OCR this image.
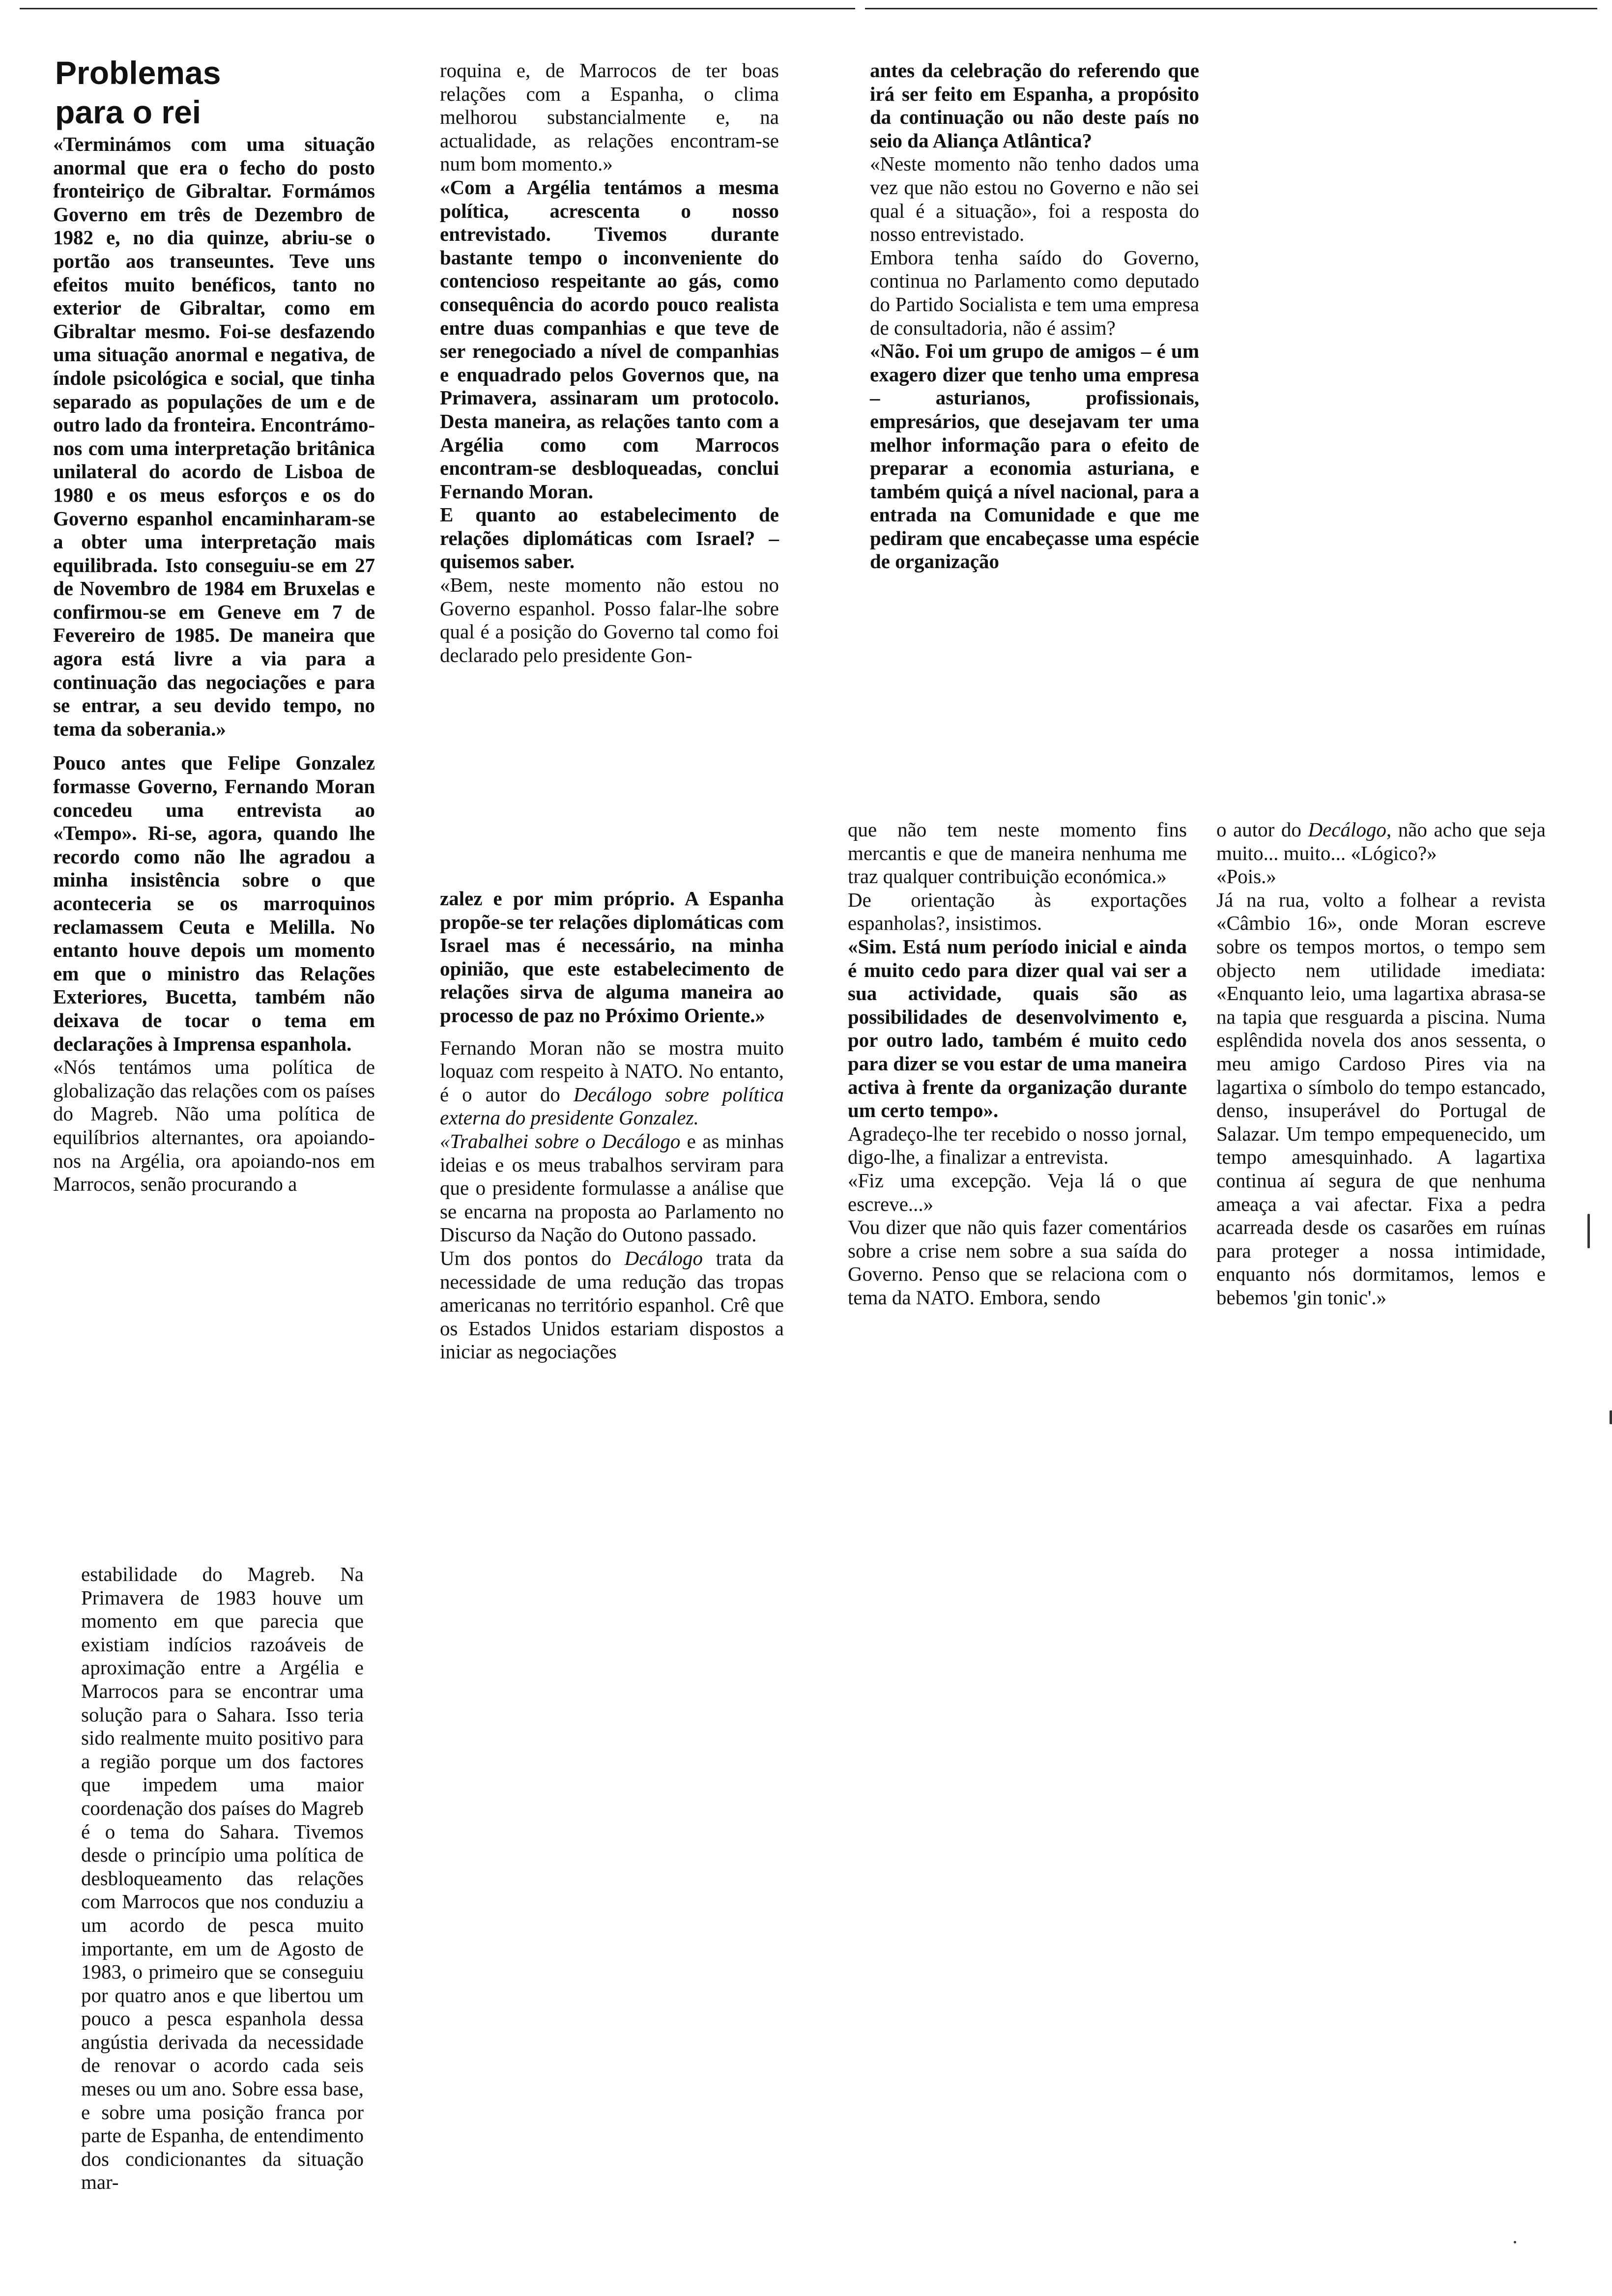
Problemas
para o rei

«Terminámos com uma situação anormal que era o fecho do posto fronteiriço de Gibraltar. Formámos Governo em três de Dezembro de 1982 e, no dia quinze, abriu-se o portão aos transeuntes. Teve uns efeitos muito benéficos, tanto no exterior de Gibraltar, como em Gibraltar mesmo. Foi-se desfazendo uma situação anormal e negativa, de índole psicológica e social, que tinha separado as populações de um e de outro lado da fronteira. Encontrámo-nos com uma interpretação britânica unilateral do acordo de Lisboa de 1980 e os meus esforços e os do Governo espanhol encaminharam-se a obter uma interpretação mais equilibrada. Isto conseguiu-se em 27 de Novembro de 1984 em Bruxelas e confirmou-se em Geneve em 7 de Fevereiro de 1985. De maneira que agora está livre a via para a continuação das negociações e para se entrar, a seu devido tempo, no tema da soberania.»

Pouco antes que Felipe Gonzalez formasse Governo, Fernando Moran concedeu uma entrevista ao «Tempo». Ri-se, agora, quando lhe recordo como não lhe agradou a minha insistência sobre o que aconteceria se os marroquinos reclamassem Ceuta e Melilla. No entanto houve depois um momento em que o ministro das Relações Exteriores, Bucetta, também não deixava de tocar o tema em declarações à Imprensa espanhola.

«Nós tentámos uma política de globalização das relações com os países do Magreb. Não uma política de equilíbrios alternantes, ora apoiando-nos na Argélia, ora apoiando-nos em Marrocos, senão procurando a

estabilidade do Magreb. Na Primavera de 1983 houve um momento em que parecia que existiam indícios razoáveis de aproximação entre a Argélia e Marrocos para se encontrar uma solução para o Sahara. Isso teria sido realmente muito positivo para a região porque um dos factores que impedem uma maior coordenação dos países do Magreb é o tema do Sahara. Tivemos desde o princípio uma política de desbloqueamento das relações com Marrocos que nos conduziu a um acordo de pesca muito importante, em um de Agosto de 1983, o primeiro que se conseguiu por quatro anos e que libertou um pouco a pesca espanhola dessa angústia derivada da necessidade de renovar o acordo cada seis meses ou um ano. Sobre essa base, e sobre uma posição franca por parte de Espanha, de entendimento dos condicionantes da situação mar-

roquina e, de Marrocos de ter boas relações com a Espanha, o clima melhorou substancialmente e, na actualidade, as relações encontram-se num bom momento.»

«Com a Argélia tentámos a mesma política, acrescenta o nosso entrevistado. Tivemos durante bastante tempo o inconveniente do contencioso respeitante ao gás, como consequência do acordo pouco realista entre duas companhias e que teve de ser renegociado a nível de companhias e enquadrado pelos Governos que, na Primavera, assinaram um protocolo. Desta maneira, as relações tanto com a Argélia como com Marrocos encontram-se desbloqueadas, conclui Fernando Moran.

E quanto ao estabelecimento de relações diplomáticas com Israel? – quisemos saber.

«Bem, neste momento não estou no Governo espanhol. Posso falar-lhe sobre qual é a posição do Governo tal como foi declarado pelo presidente Gon-

zalez e por mim próprio. A Espanha propõe-se ter relações diplomáticas com Israel mas é necessário, na minha opinião, que este estabelecimento de relações sirva de alguma maneira ao processo de paz no Próximo Oriente.»

Fernando Moran não se mostra muito loquaz com respeito à NATO. No entanto, é o autor do Decálogo sobre política externa do presidente Gonzalez.

«Trabalhei sobre o Decálogo e as minhas ideias e os meus trabalhos serviram para que o presidente formulasse a análise que se encarna na proposta ao Parlamento no Discurso da Nação do Outono passado.

Um dos pontos do Decálogo trata da necessidade de uma redução das tropas americanas no território espanhol. Crê que os Estados Unidos estariam dispostos a iniciar as negociações

antes da celebração do referendo que irá ser feito em Espanha, a propósito da continuação ou não deste país no seio da Aliança Atlântica?

«Neste momento não tenho dados uma vez que não estou no Governo e não sei qual é a situação», foi a resposta do nosso entrevistado.

Embora tenha saído do Governo, continua no Parlamento como deputado do Partido Socialista e tem uma empresa de consultadoria, não é assim?

«Não. Foi um grupo de amigos – é um exagero dizer que tenho uma empresa – asturianos, profissionais, empresários, que desejavam ter uma melhor informação para o efeito de preparar a economia asturiana, e também quiçá a nível nacional, para a entrada na Comunidade e que me pediram que encabeçasse uma espécie de organização

que não tem neste momento fins mercantis e que de maneira nenhuma me traz qualquer contribuição económica.»

De orientação às exportações espanholas?, insistimos.

«Sim. Está num período inicial e ainda é muito cedo para dizer qual vai ser a sua actividade, quais são as possibilidades de desenvolvimento e, por outro lado, também é muito cedo para dizer se vou estar de uma maneira activa à frente da organização durante um certo tempo».

Agradeço-lhe ter recebido o nosso jornal, digo-lhe, a finalizar a entrevista.

«Fiz uma excepção. Veja lá o que escreve...»

Vou dizer que não quis fazer comentários sobre a crise nem sobre a sua saída do Governo. Penso que se relaciona com o tema da NATO. Embora, sendo

o autor do Decálogo, não acho que seja muito... muito... «Lógico?»

«Pois.»

Já na rua, volto a folhear a revista «Câmbio 16», onde Moran escreve sobre os tempos mortos, o tempo sem objecto nem utilidade imediata: «Enquanto leio, uma lagartixa abrasa-se na tapia que resguarda a piscina. Numa esplêndida novela dos anos sessenta, o meu amigo Cardoso Pires via na lagartixa o símbolo do tempo estancado, denso, insuperável do Portugal de Salazar. Um tempo empequenecido, um tempo amesquinhado. A lagartixa continua aí segura de que nenhuma ameaça a vai afectar. Fixa a pedra acarreada desde os casarões em ruínas para proteger a nossa intimidade, enquanto nós dormitamos, lemos e bebemos 'gin tonic'.»
